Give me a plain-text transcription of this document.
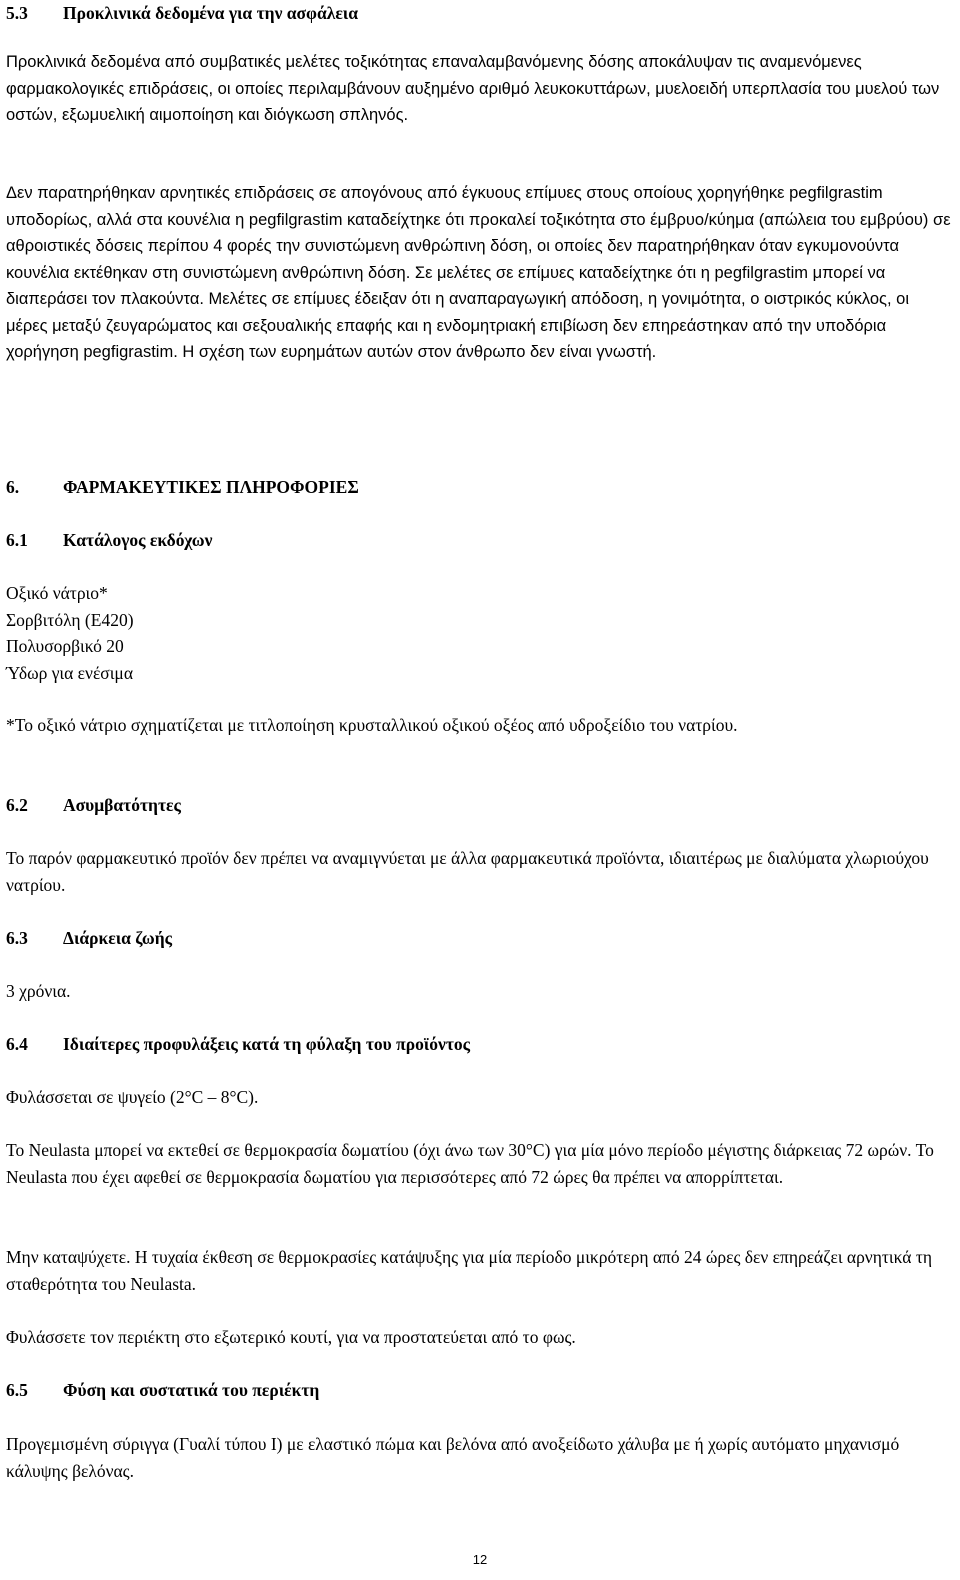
5.3	Προκλινικά δεδομένα για την ασφάλεια

Προκλινικά δεδομένα από συμβατικές μελέτες τοξικότητας επαναλαμβανόμενης δόσης αποκάλυψαν τις αναμενόμενες φαρμακολογικές επιδράσεις, οι οποίες περιλαμβάνουν αυξημένο αριθμό λευκοκυττάρων, μυελοειδή υπερπλασία του μυελού των οστών, εξωμυελική αιμοποίηση και διόγκωση σπληνός.

Δεν παρατηρήθηκαν αρνητικές επιδράσεις σε απογόνους από έγκυους επίμυες στους οποίους χορηγήθηκε pegfilgrastim υποδορίως, αλλά στα κουνέλια η pegfilgrastim καταδείχτηκε ότι προκαλεί τοξικότητα στο έμβρυο/κύημα (απώλεια του εμβρύου) σε αθροιστικές δόσεις περίπου 4 φορές την συνιστώμενη ανθρώπινη δόση, οι οποίες δεν παρατηρήθηκαν όταν εγκυμονούντα κουνέλια εκτέθηκαν στη συνιστώμενη ανθρώπινη δόση. Σε μελέτες σε επίμυες καταδείχτηκε ότι η pegfilgrastim μπορεί να διαπεράσει τον πλακούντα. Μελέτες σε επίμυες έδειξαν ότι η αναπαραγωγική απόδοση, η γονιμότητα, ο οιστρικός κύκλος, οι μέρες μεταξύ ζευγαρώματος και σεξουαλικής επαφής και η ενδομητριακή επιβίωση δεν επηρεάστηκαν από την υποδόρια χορήγηση pegfigrastim. Η σχέση των ευρημάτων αυτών στον άνθρωπο δεν είναι γνωστή.

6.	ΦΑΡΜΑΚΕΥΤΙΚΕΣ ΠΛΗΡΟΦΟΡΙΕΣ
6.1	Κατάλογος εκδόχων
Οξικό νάτριο*
Σορβιτόλη (E420)
Πολυσορβικό 20
Ύδωρ για ενέσιμα

*Το οξικό νάτριο σχηματίζεται με τιτλοποίηση κρυσταλλικού οξικού οξέος από υδροξείδιο του νατρίου.

6.2	Ασυμβατότητες

Το παρόν φαρμακευτικό προϊόν δεν πρέπει να αναμιγνύεται με άλλα φαρμακευτικά προϊόντα, ιδιαιτέρως με διαλύματα χλωριούχου νατρίου.

6.3	Διάρκεια ζωής

3 χρόνια.

6.4	Ιδιαίτερες προφυλάξεις κατά τη φύλαξη του προϊόντος

Φυλάσσεται σε ψυγείο (2°C – 8°C).

Το Neulasta μπορεί να εκτεθεί σε θερμοκρασία δωματίου (όχι άνω των 30°C) για μία μόνο περίοδο μέγιστης διάρκειας 72 ωρών. Το Neulasta που έχει αφεθεί σε θερμοκρασία δωματίου για περισσότερες από 72 ώρες θα πρέπει να απορρίπτεται.

Μην καταψύχετε. Η τυχαία έκθεση σε θερμοκρασίες κατάψυξης για μία περίοδο μικρότερη από 24 ώρες δεν επηρεάζει αρνητικά τη σταθερότητα του Neulasta.

Φυλάσσετε τον περιέκτη στο εξωτερικό κουτί, για να προστατεύεται από το φως.

6.5	Φύση και συστατικά του περιέκτη

Προγεμισμένη σύριγγα (Γυαλί τύπου I) με ελαστικό πώμα και βελόνα από ανοξείδωτο χάλυβα με ή χωρίς αυτόματο μηχανισμό κάλυψης βελόνας.

12
